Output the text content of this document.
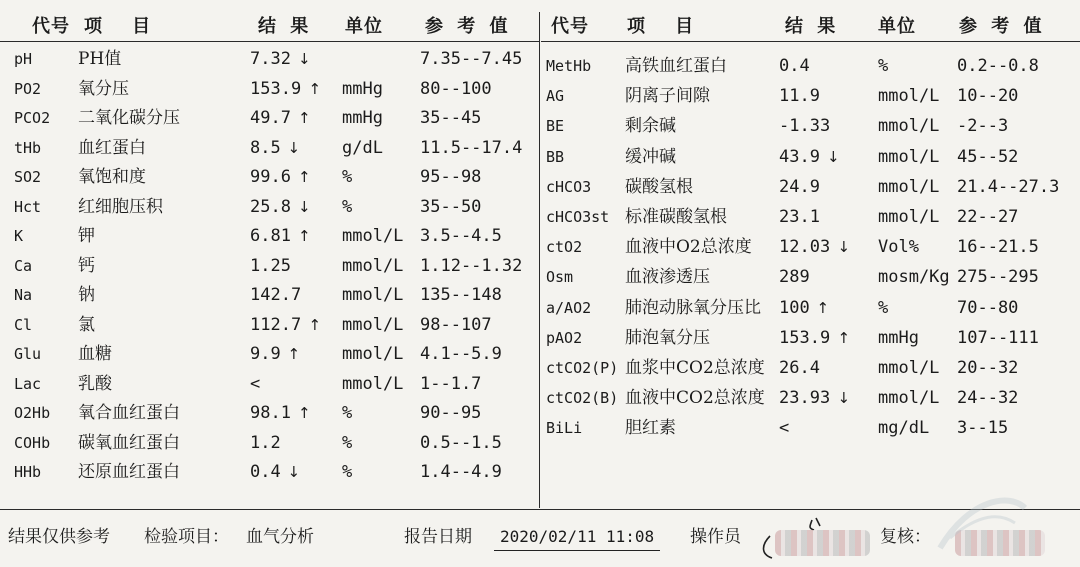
代号 项    目	结 果 单位 参 考 值
pH	PH值	7.32 ↓	7.35--7.45
PO2 氧分压	153.9 ↑ mmHg 80--100
PCO2 二氧化碳分压	49.7 ↑ mmHg 35--45
tHb 血红蛋白	8.5 ↓ g/dL 11.5--17.4
SO2 氧饱和度	99.6 ↑ %	95--98
Hct 红细胞压积	25.8 ↓ %	35--50
K	钾	6.81 ↑ mmol/L 3.5--4.5
Ca	钙	1.25	mmol/L 1.12--1.32
Na	钠	142.7 mmol/L 135--148
Cl	氯	112.7 ↑ mmol/L 98--107
Glu 血糖	9.9 ↑ mmol/L 4.1--5.9
Lac 乳酸	<	mmol/L 1--1.7
O2Hb 氧合血红蛋白	98.1 ↑ %	90--95
COHb 碳氧血红蛋白	1.2	%	0.5--1.5
HHb 还原血红蛋白	0.4 ↓ %	1.4--4.9
代号 项    目	结 果 单位 参 考 值
MetHb 高铁血红蛋白	0.4	%	0.2--0.8
AG	阴离子间隙	11.9	mmol/L 10--20
BE	剩余碱	-1.33	mmol/L -2--3
BB	缓冲碱	43.9 ↓ mmol/L 45--52
cHCO3 碳酸氢根	24.9	mmol/L 21.4--27.3
cHCO3st 标准碳酸氢根	23.1	mmol/L 22--27
ctO2	血液中O2总浓度 12.03 ↓ Vol% 16--21.5
Osm	血液渗透压	289	mosm/Kg 275--295
a/AO2 肺泡动脉氧分压比 100 ↑	%	70--80
pAO2	肺泡氧分压	153.9 ↑ mmHg 107--111
ctCO2(P) 血浆中CO2总浓度 26.4	mmol/L 20--32
ctCO2(B) 血液中CO2总浓度 23.93 ↓ mmol/L 24--32
BiLi	胆红素	<	mg/dL 3--15
结果仅供参考 检验项目： 血气分析	报告日期	2020/02/11 11:08	操作员	复核：
